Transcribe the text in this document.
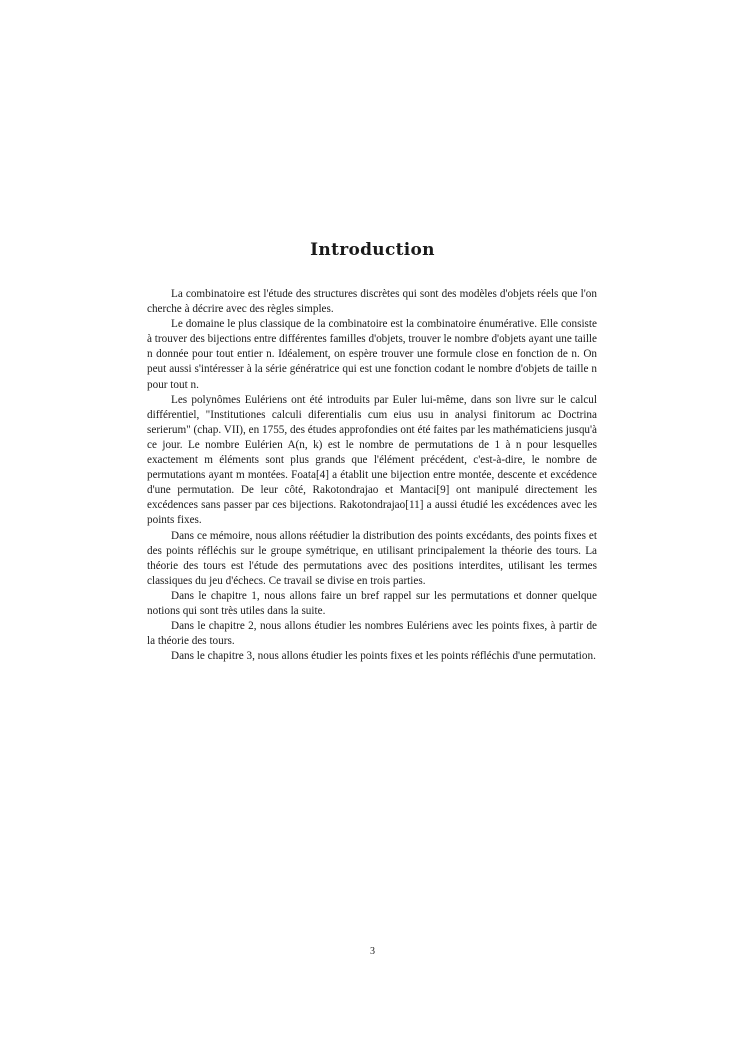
Introduction

La combinatoire est l'étude des structures discrètes qui sont des modèles d'objets réels que l'on cherche à décrire avec des règles simples.

Le domaine le plus classique de la combinatoire est la combinatoire énumérative. Elle consiste à trouver des bijections entre différentes familles d'objets, trouver le nombre d'objets ayant une taille n donnée pour tout entier n. Idéalement, on espère trouver une formule close en fonction de n. On peut aussi s'intéresser à la série génératrice qui est une fonction codant le nombre d'objets de taille n pour tout n.

Les polynômes Eulériens ont été introduits par Euler lui-même, dans son livre sur le calcul différentiel, "Institutiones calculi diferentialis cum eius usu in analysi finitorum ac Doctrina serierum" (chap. VII), en 1755, des études approfondies ont été faites par les mathématiciens jusqu'à ce jour. Le nombre Eulérien A(n, k) est le nombre de permutations de 1 à n pour lesquelles exactement m éléments sont plus grands que l'élément précédent, c'est-à-dire, le nombre de permutations ayant m montées. Foata[4] a établit une bijection entre montée, descente et excédence d'une permutation. De leur côté, Rakotondrajao et Mantaci[9] ont manipulé directement les excédences sans passer par ces bijections. Rakotondrajao[11] a aussi étudié les excédences avec les points fixes.

Dans ce mémoire, nous allons réétudier la distribution des points excédants, des points fixes et des points réfléchis sur le groupe symétrique, en utilisant principalement la théorie des tours. La théorie des tours est l'étude des permutations avec des positions interdites, utilisant les termes classiques du jeu d'échecs. Ce travail se divise en trois parties.

Dans le chapitre 1, nous allons faire un bref rappel sur les permutations et donner quelque notions qui sont très utiles dans la suite.

Dans le chapitre 2, nous allons étudier les nombres Eulériens avec les points fixes, à partir de la théorie des tours.

Dans le chapitre 3, nous allons étudier les points fixes et les points réfléchis d'une permutation.

3
